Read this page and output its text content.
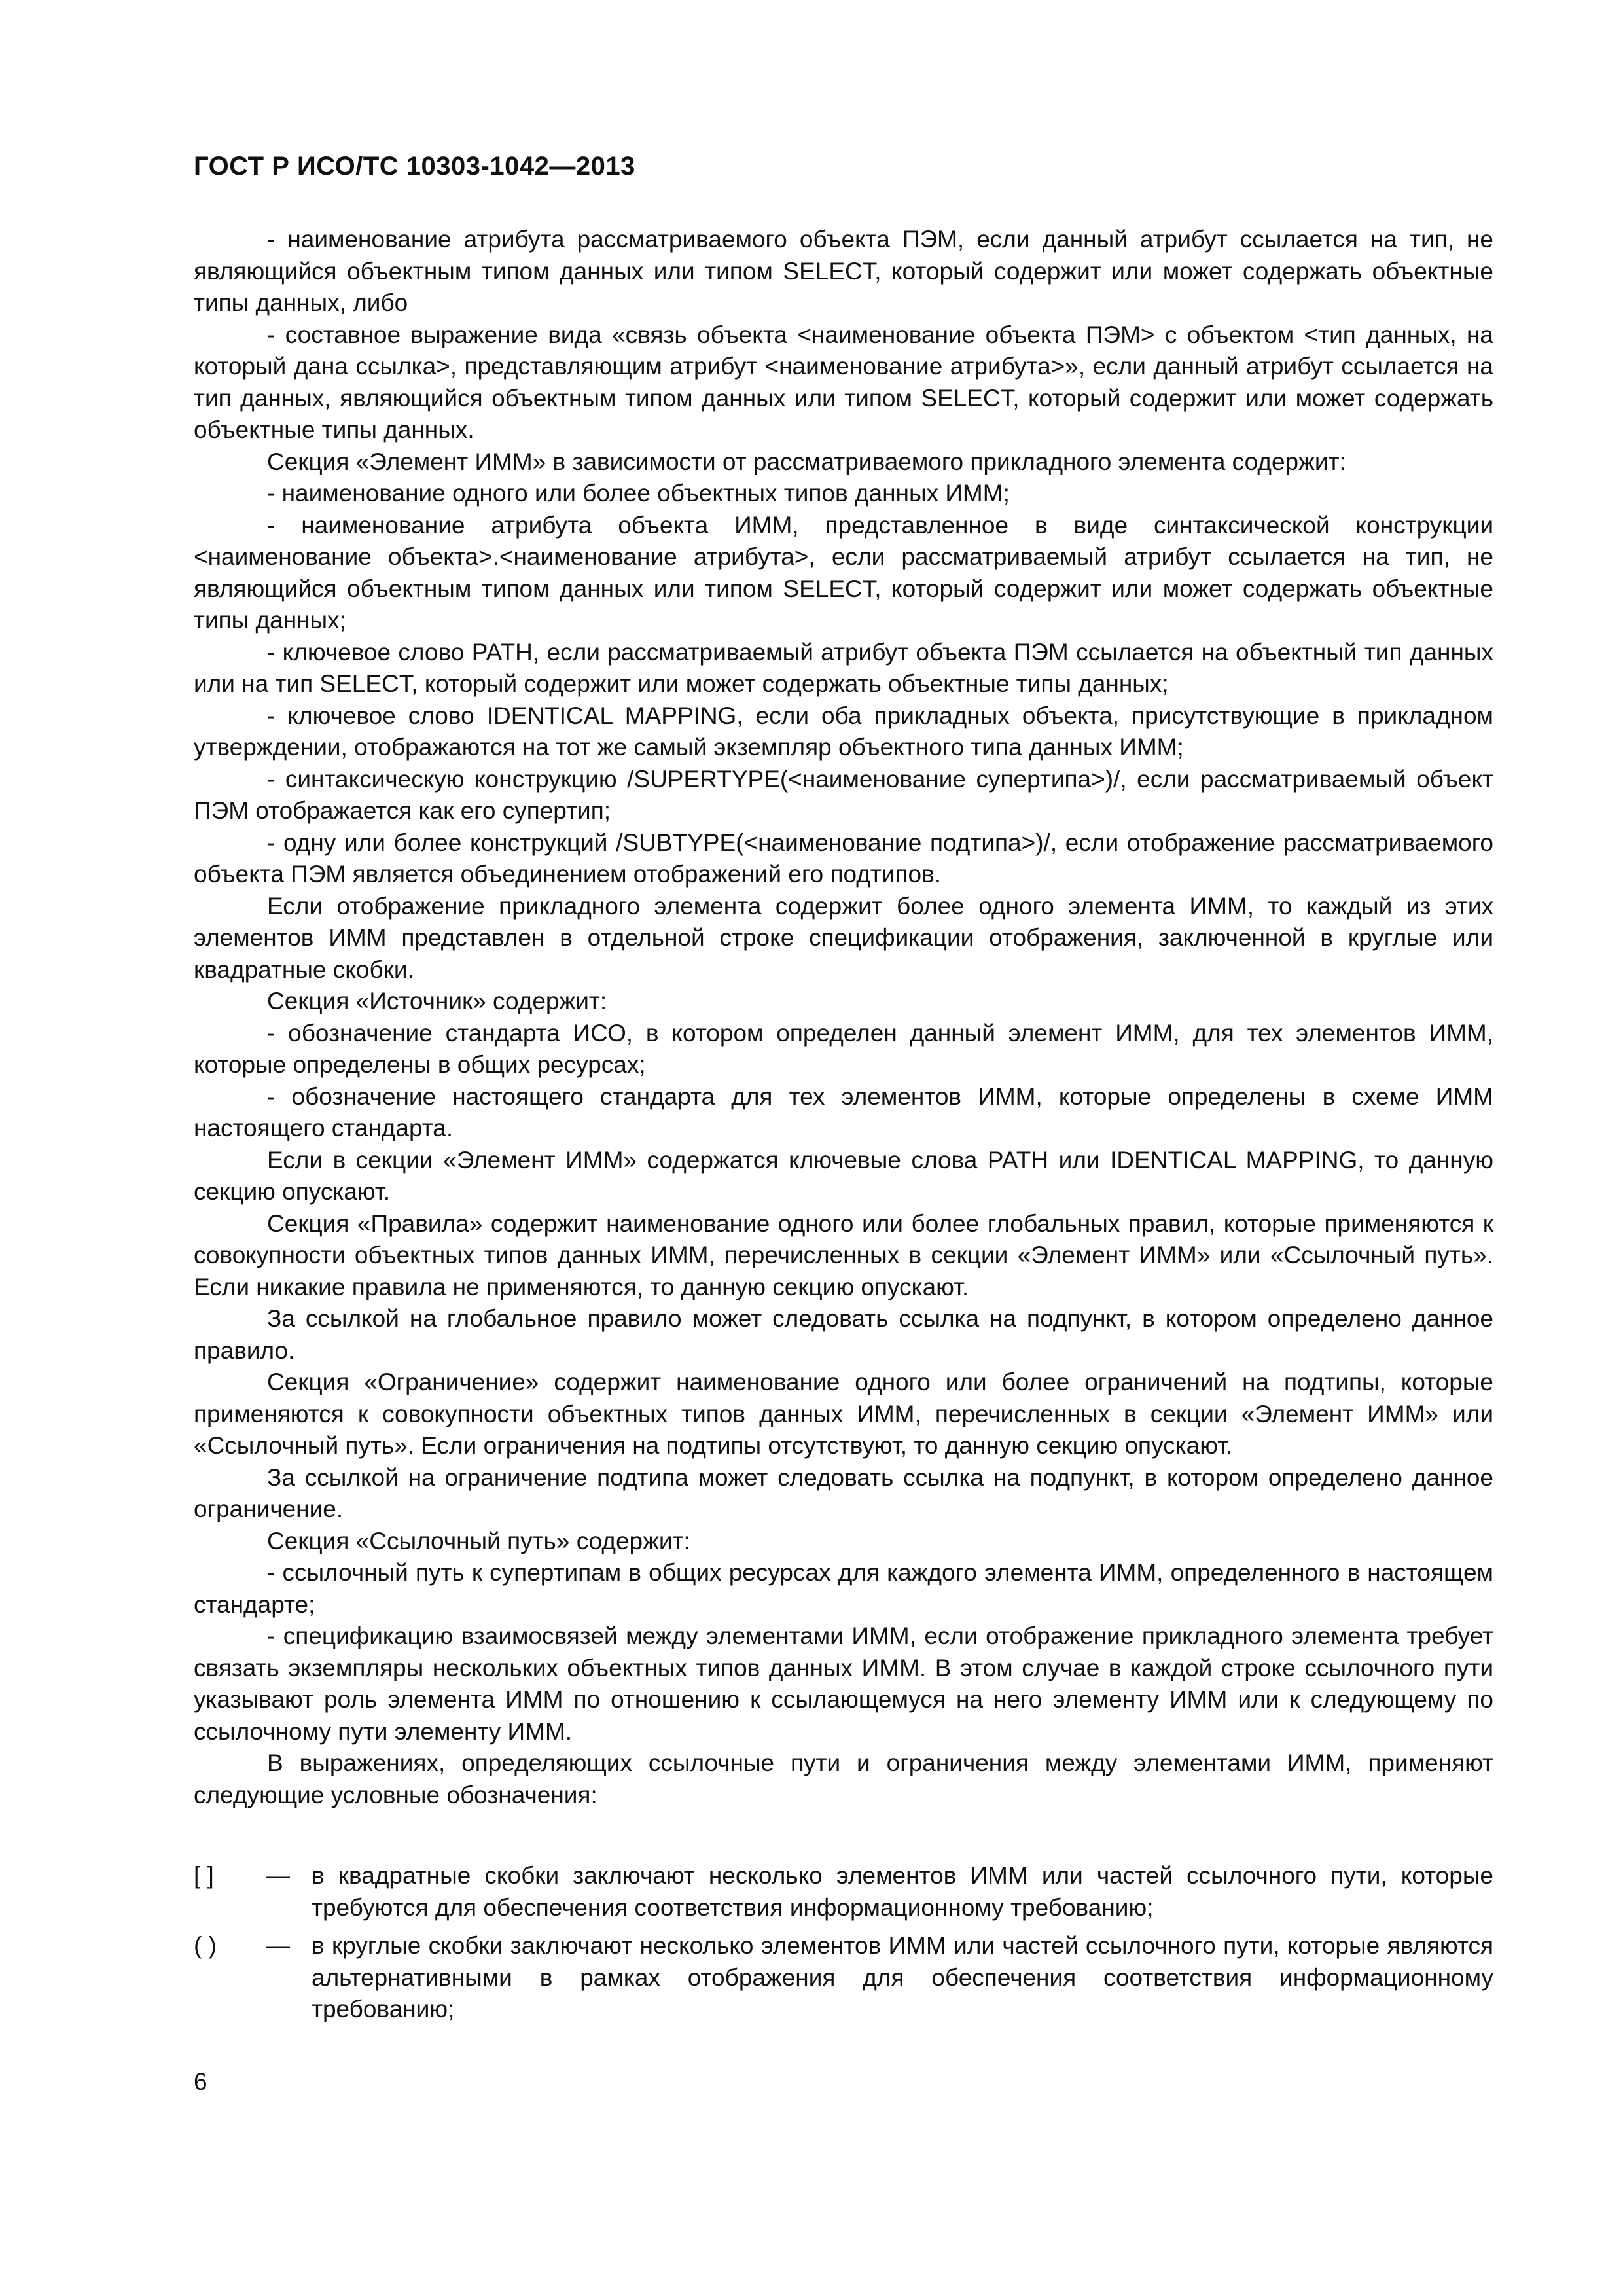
ГОСТ Р ИСО/ТС 10303-1042—2013

- наименование атрибута рассматриваемого объекта ПЭМ, если данный атрибут ссылается на тип, не являющийся объектным типом данных или типом SELECT, который содержит или может содержать объектные типы данных, либо

- составное выражение вида «связь объекта <наименование объекта ПЭМ> с объектом <тип данных, на который дана ссылка>, представляющим атрибут <наименование атрибута>», если данный атрибут ссылается на тип данных, являющийся объектным типом данных или типом SELECT, который содержит или может содержать объектные типы данных.

Секция «Элемент ИММ» в зависимости от рассматриваемого прикладного элемента содержит:

- наименование одного или более объектных типов данных ИММ;

- наименование атрибута объекта ИММ, представленное в виде синтаксической конструкции <наименование объекта>.<наименование атрибута>, если рассматриваемый атрибут ссылается на тип, не являющийся объектным типом данных или типом SELECT, который содержит или может содержать объектные типы данных;

- ключевое слово PATH, если рассматриваемый атрибут объекта ПЭМ ссылается на объектный тип данных или на тип SELECT, который содержит или может содержать объектные типы данных;

- ключевое слово IDENTICAL MAPPING, если оба прикладных объекта, присутствующие в прикладном утверждении, отображаются на тот же самый экземпляр объектного типа данных ИММ;

- синтаксическую конструкцию /SUPERTYPE(<наименование супертипа>)/, если рассматриваемый объект ПЭМ отображается как его супертип;

- одну или более конструкций /SUBTYPE(<наименование подтипа>)/, если отображение рассматриваемого объекта ПЭМ является объединением отображений его подтипов.

Если отображение прикладного элемента содержит более одного элемента ИММ, то каждый из этих элементов ИММ представлен в отдельной строке спецификации отображения, заключенной в круглые или квадратные скобки.

Секция «Источник» содержит:

- обозначение стандарта ИСО, в котором определен данный элемент ИММ, для тех элементов ИММ, которые определены в общих ресурсах;

- обозначение настоящего стандарта для тех элементов ИММ, которые определены в схеме ИММ настоящего стандарта.

Если в секции «Элемент ИММ» содержатся ключевые слова PATH или IDENTICAL MAPPING, то данную секцию опускают.

Секция «Правила» содержит наименование одного или более глобальных правил, которые применяются к совокупности объектных типов данных ИММ, перечисленных в секции «Элемент ИММ» или «Ссылочный путь». Если никакие правила не применяются, то данную секцию опускают.

За ссылкой на глобальное правило может следовать ссылка на подпункт, в котором определено данное правило.

Секция «Ограничение» содержит наименование одного или более ограничений на подтипы, которые применяются к совокупности объектных типов данных ИММ, перечисленных в секции «Элемент ИММ» или «Ссылочный путь». Если ограничения на подтипы отсутствуют, то данную секцию опускают.

За ссылкой на ограничение подтипа может следовать ссылка на подпункт, в котором определено данное ограничение.

Секция «Ссылочный путь» содержит:

- ссылочный путь к супертипам в общих ресурсах для каждого элемента ИММ, определенного в настоящем стандарте;

- спецификацию взаимосвязей между элементами ИММ, если отображение прикладного элемента требует связать экземпляры нескольких объектных типов данных ИММ. В этом случае в каждой строке ссылочного пути указывают роль элемента ИММ по отношению к ссылающемуся на него элементу ИММ или к следующему по ссылочному пути элементу ИММ.

В выражениях, определяющих ссылочные пути и ограничения между элементами ИММ, применяют следующие условные обозначения:

[ ]	— в квадратные скобки заключают несколько элементов ИММ или частей ссылочного пути, которые требуются для обеспечения соответствия информационному требованию;
( )	— в круглые скобки заключают несколько элементов ИММ или частей ссылочного пути, которые являются альтернативными в рамках отображения для обеспечения соответствия информационному требованию;
6
